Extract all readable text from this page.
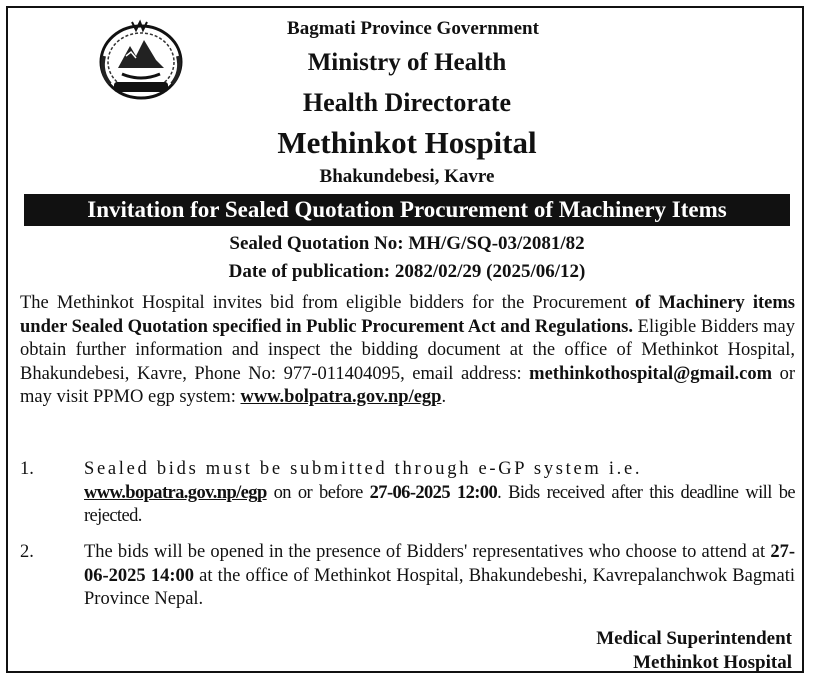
Bagmati Province Government
Ministry of Health
Health Directorate
Methinkot Hospital
Bhakundebesi, Kavre
Invitation for Sealed Quotation Procurement of Machinery Items
Sealed Quotation No: MH/G/SQ-03/2081/82
Date of publication: 2082/02/29 (2025/06/12)

The Methinkot Hospital invites bid from eligible bidders for the Procurement of Machinery items under Sealed Quotation specified in Public Procurement Act and Regulations. Eligible Bidders may obtain further information and inspect the bidding document at the office of Methinkot Hospital, Bhakundebesi, Kavre, Phone No: 977-011404095, email address: methinkothospital@gmail.com or may visit PPMO egp system: www.bolpatra.gov.np/egp.

1.	Sealed bids must be submitted through e-GP system i.e.
www.bopatra.gov.np/egp on or before 27-06-2025 12:00. Bids received after this deadline will be rejected.

2.	The bids will be opened in the presence of Bidders' representatives who choose to attend at 27-06-2025 14:00 at the office of Methinkot Hospital, Bhakundebeshi, Kavrepalanchwok Bagmati Province Nepal.

Medical Superintendent
Methinkot Hospital
